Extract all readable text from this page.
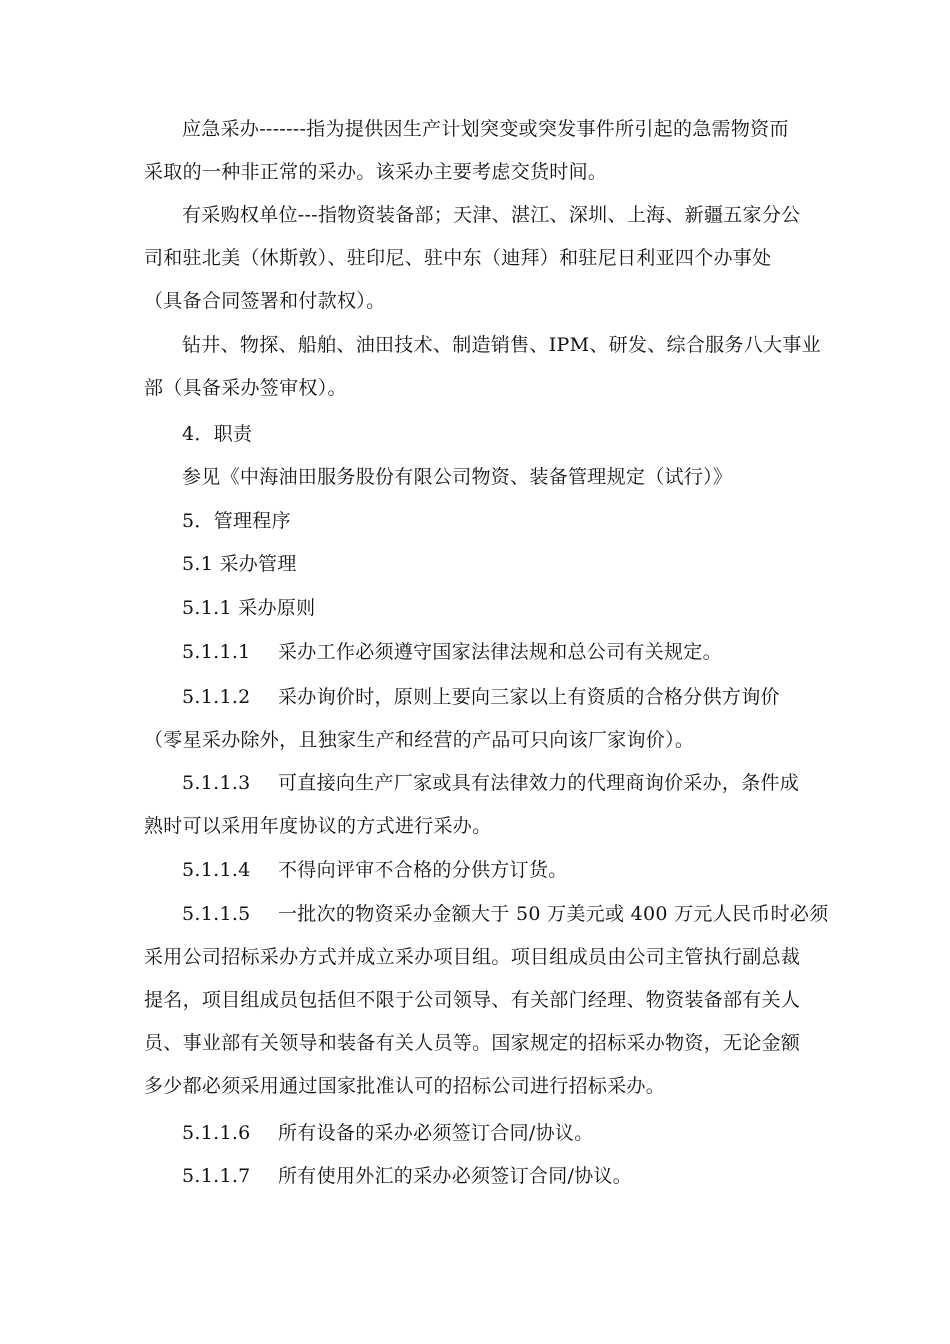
应急采办-------指为提供因生产计划突变或突发事件所引起的急需物资而
采取的一种非正常的采办。该采办主要考虑交货时间。
有采购权单位---指物资装备部；天津、湛江、深圳、上海、新疆五家分公
司和驻北美（休斯敦）、驻印尼、驻中东（迪拜）和驻尼日利亚四个办事处
（具备合同签署和付款权）。
钻井、物探、船舶、油田技术、制造销售、IPM、研发、综合服务八大事业
部（具备采办签审权）。
4．职责
参见《中海油田服务股份有限公司物资、装备管理规定（试行）》
5．管理程序
5.1 采办管理
5.1.1 采办原则
5.1.1.1 采办工作必须遵守国家法律法规和总公司有关规定。
5.1.1.2 采办询价时，原则上要向三家以上有资质的合格分供方询价
（零星采办除外，且独家生产和经营的产品可只向该厂家询价）。
5.1.1.3 可直接向生产厂家或具有法律效力的代理商询价采办，条件成
熟时可以采用年度协议的方式进行采办。
5.1.1.4 不得向评审不合格的分供方订货。
5.1.1.5 一批次的物资采办金额大于 50 万美元或 400 万元人民币时必须
采用公司招标采办方式并成立采办项目组。项目组成员由公司主管执行副总裁
提名，项目组成员包括但不限于公司领导、有关部门经理、物资装备部有关人
员、事业部有关领导和装备有关人员等。国家规定的招标采办物资，无论金额
多少都必须采用通过国家批准认可的招标公司进行招标采办。
5.1.1.6 所有设备的采办必须签订合同/协议。
5.1.1.7 所有使用外汇的采办必须签订合同/协议。
